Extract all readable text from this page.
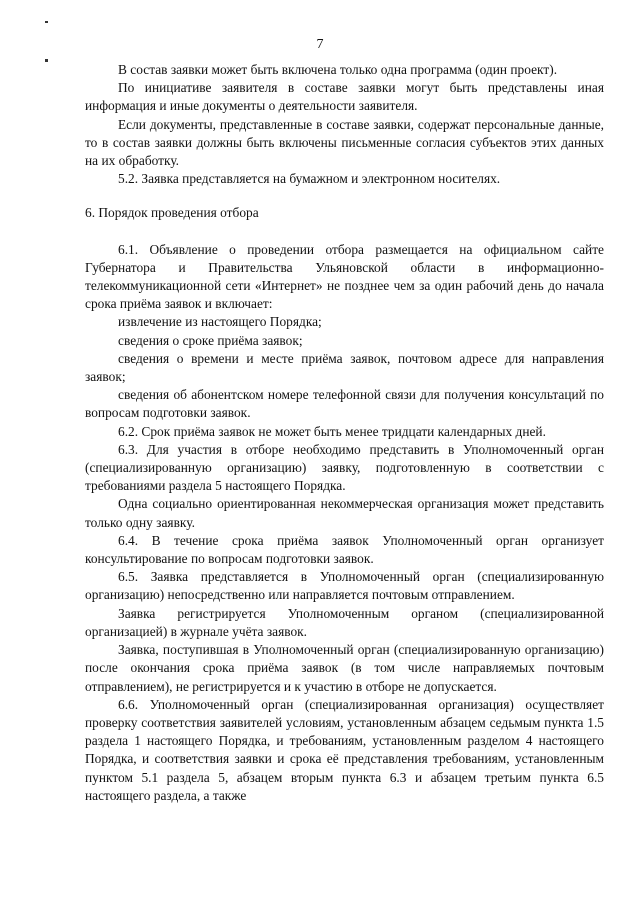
7

В состав заявки может быть включена только одна программа (один проект).

По инициативе заявителя в составе заявки могут быть представлены иная информация и иные документы о деятельности заявителя.

Если документы, представленные в составе заявки, содержат персональные данные, то в состав заявки должны быть включены письменные согласия субъектов этих данных на их обработку.

5.2. Заявка представляется на бумажном и электронном носителях.

6. Порядок проведения отбора

6.1. Объявление о проведении отбора размещается на официальном сайте Губернатора и Правительства Ульяновской области в информационно-телекоммуникационной сети «Интернет» не позднее чем за один рабочий день до начала срока приёма заявок и включает:

извлечение из настоящего Порядка;

сведения о сроке приёма заявок;

сведения о времени и месте приёма заявок, почтовом адресе для направления заявок;

сведения об абонентском номере телефонной связи для получения консультаций по вопросам подготовки заявок.

6.2. Срок приёма заявок не может быть менее тридцати календарных дней.

6.3. Для участия в отборе необходимо представить в Уполномоченный орган (специализированную организацию) заявку, подготовленную в соответствии с требованиями раздела 5 настоящего Порядка.

Одна социально ориентированная некоммерческая организация может представить только одну заявку.

6.4. В течение срока приёма заявок Уполномоченный орган организует консультирование по вопросам подготовки заявок.

6.5. Заявка представляется в Уполномоченный орган (специализированную организацию) непосредственно или направляется почтовым отправлением.

Заявка регистрируется Уполномоченным органом (специализированной организацией) в журнале учёта заявок.

Заявка, поступившая в Уполномоченный орган (специализированную организацию) после окончания срока приёма заявок (в том числе направляемых почтовым отправлением), не регистрируется и к участию в отборе не допускается.

6.6. Уполномоченный орган (специализированная организация) осуществляет проверку соответствия заявителей условиям, установленным абзацем седьмым пункта 1.5 раздела 1 настоящего Порядка, и требованиям, установленным разделом 4 настоящего Порядка, и соответствия заявки и срока её представления требованиям, установленным пунктом 5.1 раздела 5, абзацем вторым пункта 6.3 и абзацем третьим пункта 6.5 настоящего раздела, а также
